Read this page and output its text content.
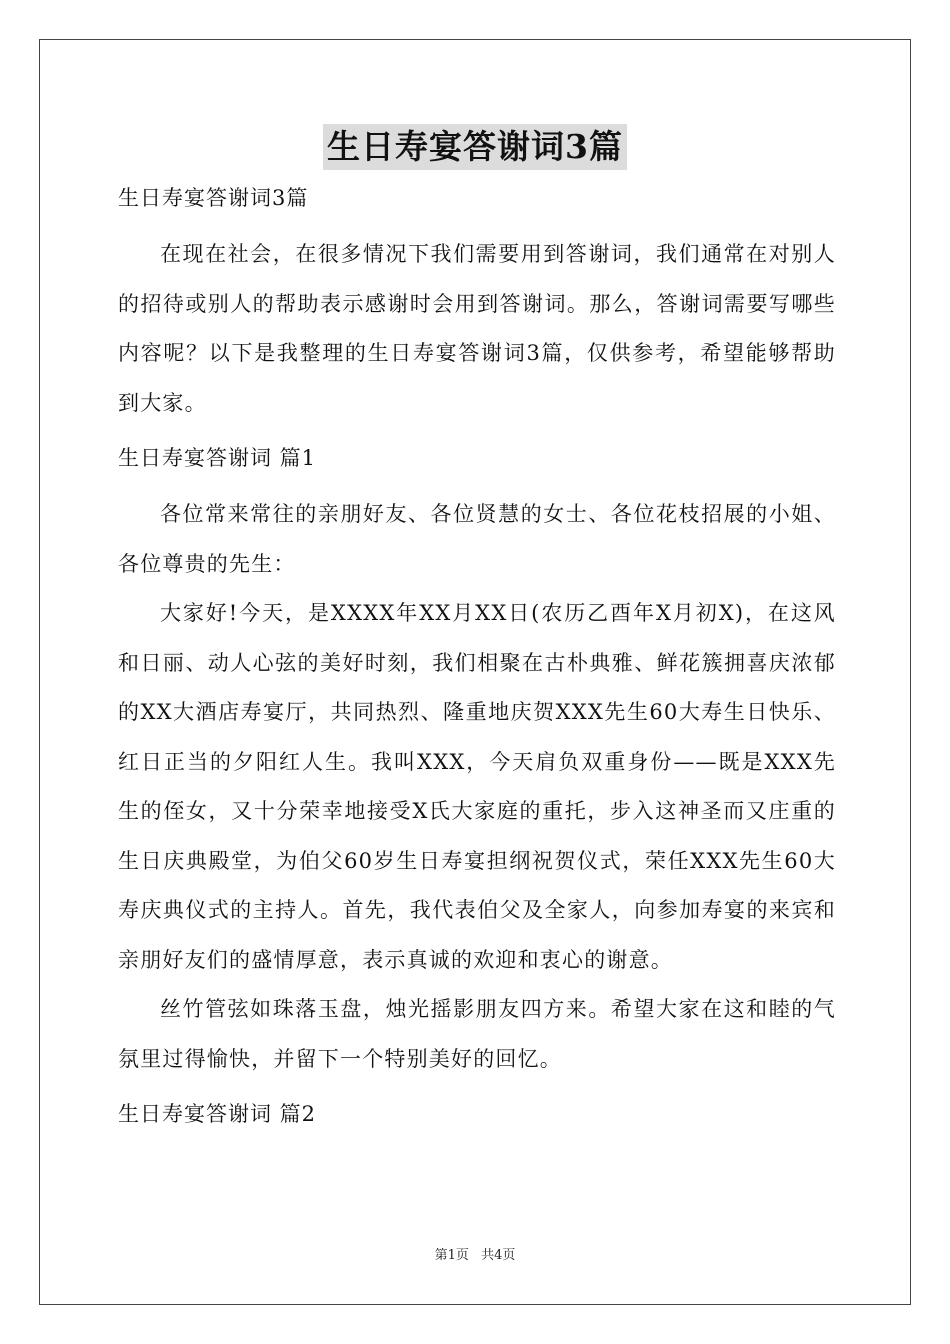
生日寿宴答谢词3篇
生日寿宴答谢词3篇

在现在社会，在很多情况下我们需要用到答谢词，我们通常在对别人的招待或别人的帮助表示感谢时会用到答谢词。那么，答谢词需要写哪些内容呢？以下是我整理的生日寿宴答谢词3篇，仅供参考，希望能够帮助到大家。

生日寿宴答谢词 篇1

各位常来常往的亲朋好友、各位贤慧的女士、各位花枝招展的小姐、各位尊贵的先生：

大家好!今天，是XXXX年XX月XX日(农历乙酉年X月初X)，在这风和日丽、动人心弦的美好时刻，我们相聚在古朴典雅、鲜花簇拥喜庆浓郁的XX大酒店寿宴厅，共同热烈、隆重地庆贺XXX先生60大寿生日快乐、红日正当的夕阳红人生。我叫XXX，今天肩负双重身份——既是XXX先生的侄女，又十分荣幸地接受X氏大家庭的重托，步入这神圣而又庄重的生日庆典殿堂，为伯父60岁生日寿宴担纲祝贺仪式，荣任XXX先生60大寿庆典仪式的主持人。首先，我代表伯父及全家人，向参加寿宴的来宾和亲朋好友们的盛情厚意，表示真诚的欢迎和衷心的谢意。

丝竹管弦如珠落玉盘，烛光摇影朋友四方来。希望大家在这和睦的气氛里过得愉快，并留下一个特别美好的回忆。

生日寿宴答谢词 篇2
第1页 共4页
